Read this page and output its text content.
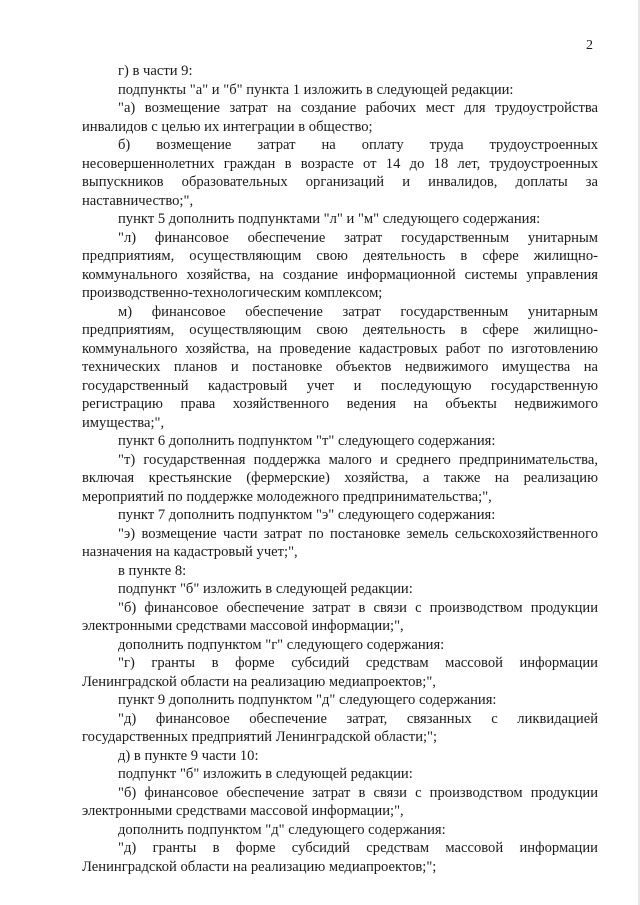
2

г) в части 9:

подпункты "а" и "б" пункта 1 изложить в следующей редакции:

"а) возмещение затрат на создание рабочих мест для трудоустройства инвалидов с целью их интеграции в общество;

б) возмещение затрат на оплату труда трудоустроенных несовершеннолетних граждан в возрасте от 14 до 18 лет, трудоустроенных выпускников образовательных организаций и инвалидов, доплаты за наставничество;",

пункт 5 дополнить подпунктами "л" и "м" следующего содержания:

"л) финансовое обеспечение затрат государственным унитарным предприятиям, осуществляющим свою деятельность в сфере жилищно-коммунального хозяйства, на создание информационной системы управления производственно-технологическим комплексом;

м) финансовое обеспечение затрат государственным унитарным предприятиям, осуществляющим свою деятельность в сфере жилищно-коммунального хозяйства, на проведение кадастровых работ по изготовлению технических планов и постановке объектов недвижимого имущества на государственный кадастровый учет и последующую государственную регистрацию права хозяйственного ведения на объекты недвижимого имущества;",

пункт 6 дополнить подпунктом "т" следующего содержания:

"т) государственная поддержка малого и среднего предпринимательства, включая крестьянские (фермерские) хозяйства, а также на реализацию мероприятий по поддержке молодежного предпринимательства;",

пункт 7 дополнить подпунктом "э" следующего содержания:

"э) возмещение части затрат по постановке земель сельскохозяйственного назначения на кадастровый учет;",

в пункте 8:

подпункт "б" изложить в следующей редакции:

"б) финансовое обеспечение затрат в связи с производством продукции электронными средствами массовой информации;",

дополнить подпунктом "г" следующего содержания:

"г) гранты в форме субсидий средствам массовой информации Ленинградской области на реализацию медиапроектов;",

пункт 9 дополнить подпунктом "д" следующего содержания:

"д) финансовое обеспечение затрат, связанных с ликвидацией государственных предприятий Ленинградской области;";

д) в пункте 9 части 10:

подпункт "б" изложить в следующей редакции:

"б) финансовое обеспечение затрат в связи с производством продукции электронными средствами массовой информации;",

дополнить подпунктом "д" следующего содержания:

"д) гранты в форме субсидий средствам массовой информации Ленинградской области на реализацию медиапроектов;";
